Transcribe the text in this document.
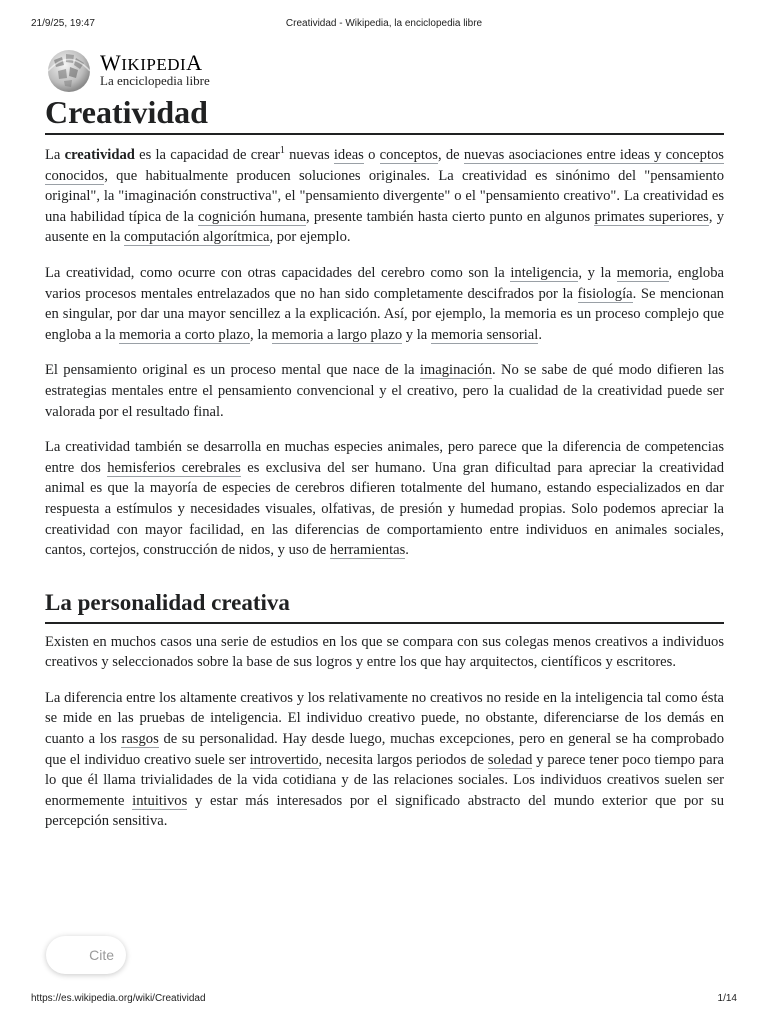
21/9/25, 19:47	Creatividad - Wikipedia, la enciclopedia libre
WIKIPEDIA
La enciclopedia libre
Creatividad

La creatividad es la capacidad de crear$^1$ nuevas ideas o conceptos, de nuevas asociaciones entre ideas y conceptos conocidos, que habitualmente producen soluciones originales. La creatividad es sinónimo del "pensamiento original", la "imaginación constructiva", el "pensamiento divergente" o el "pensamiento creativo". La creatividad es una habilidad típica de la cognición humana, presente también hasta cierto punto en algunos primates superiores, y ausente en la computación algorítmica, por ejemplo.

La creatividad, como ocurre con otras capacidades del cerebro como son la inteligencia, y la memoria, engloba varios procesos mentales entrelazados que no han sido completamente descifrados por la fisiología. Se mencionan en singular, por dar una mayor sencillez a la explicación. Así, por ejemplo, la memoria es un proceso complejo que engloba a la memoria a corto plazo, la memoria a largo plazo y la memoria sensorial.

El pensamiento original es un proceso mental que nace de la imaginación. No se sabe de qué modo difieren las estrategias mentales entre el pensamiento convencional y el creativo, pero la cualidad de la creatividad puede ser valorada por el resultado final.

La creatividad también se desarrolla en muchas especies animales, pero parece que la diferencia de competencias entre dos hemisferios cerebrales es exclusiva del ser humano. Una gran dificultad para apreciar la creatividad animal es que la mayoría de especies de cerebros difieren totalmente del humano, estando especializados en dar respuesta a estímulos y necesidades visuales, olfativas, de presión y humedad propias. Solo podemos apreciar la creatividad con mayor facilidad, en las diferencias de comportamiento entre individuos en animales sociales, cantos, cortejos, construcción de nidos, y uso de herramientas.

La personalidad creativa

Existen en muchos casos una serie de estudios en los que se compara con sus colegas menos creativos a individuos creativos y seleccionados sobre la base de sus logros y entre los que hay arquitectos, científicos y escritores.

La diferencia entre los altamente creativos y los relativamente no creativos no reside en la inteligencia tal como ésta se mide en las pruebas de inteligencia. El individuo creativo puede, no obstante, diferenciarse de los demás en cuanto a los rasgos de su personalidad. Hay desde luego, muchas excepciones, pero en general se ha comprobado que el individuo creativo suele ser introvertido, necesita largos periodos de soledad y parece tener poco tiempo para lo que él llama trivialidades de la vida cotidiana y de las relaciones sociales. Los individuos creativos suelen ser enormemente intuitivos y estar más interesados por el significado abstracto del mundo exterior que por su percepción sensitiva.

Cite
https://es.wikipedia.org/wiki/Creatividad	1/14
